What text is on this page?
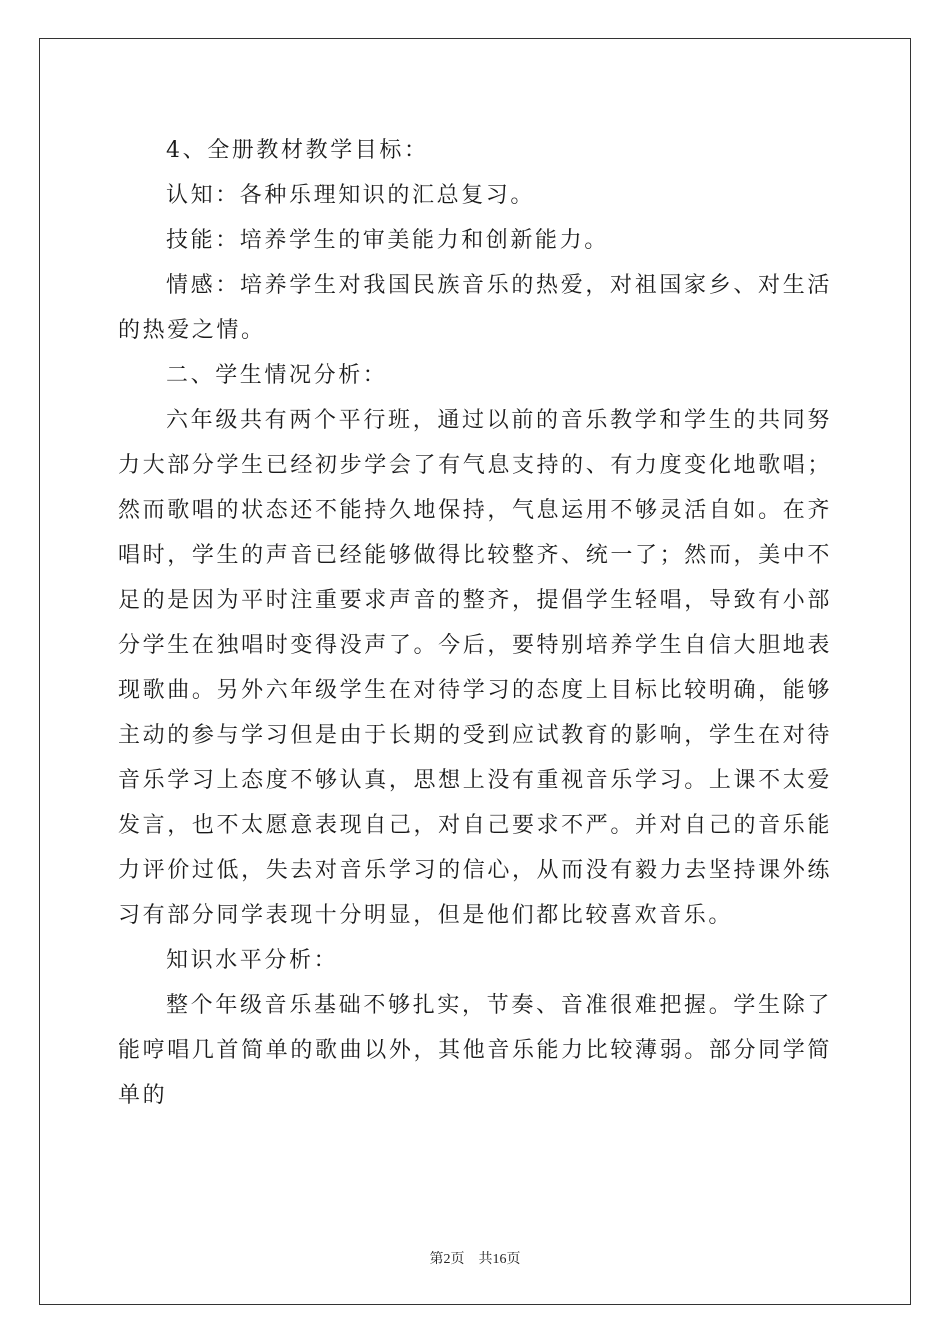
4、全册教材教学目标：

认知：各种乐理知识的汇总复习。

技能：培养学生的审美能力和创新能力。

情感：培养学生对我国民族音乐的热爱，对祖国家乡、对生活的热爱之情。

二、学生情况分析：

六年级共有两个平行班，通过以前的音乐教学和学生的共同努力大部分学生已经初步学会了有气息支持的、有力度变化地歌唱；然而歌唱的状态还不能持久地保持，气息运用不够灵活自如。在齐唱时，学生的声音已经能够做得比较整齐、统一了；然而，美中不足的是因为平时注重要求声音的整齐，提倡学生轻唱，导致有小部分学生在独唱时变得没声了。今后，要特别培养学生自信大胆地表现歌曲。另外六年级学生在对待学习的态度上目标比较明确，能够主动的参与学习但是由于长期的受到应试教育的影响，学生在对待音乐学习上态度不够认真，思想上没有重视音乐学习。上课不太爱发言，也不太愿意表现自己，对自己要求不严。并对自己的音乐能力评价过低，失去对音乐学习的信心，从而没有毅力去坚持课外练习有部分同学表现十分明显，但是他们都比较喜欢音乐。

知识水平分析：

整个年级音乐基础不够扎实，节奏、音准很难把握。学生除了能哼唱几首简单的歌曲以外，其他音乐能力比较薄弱。部分同学简单的

第2页 共16页
